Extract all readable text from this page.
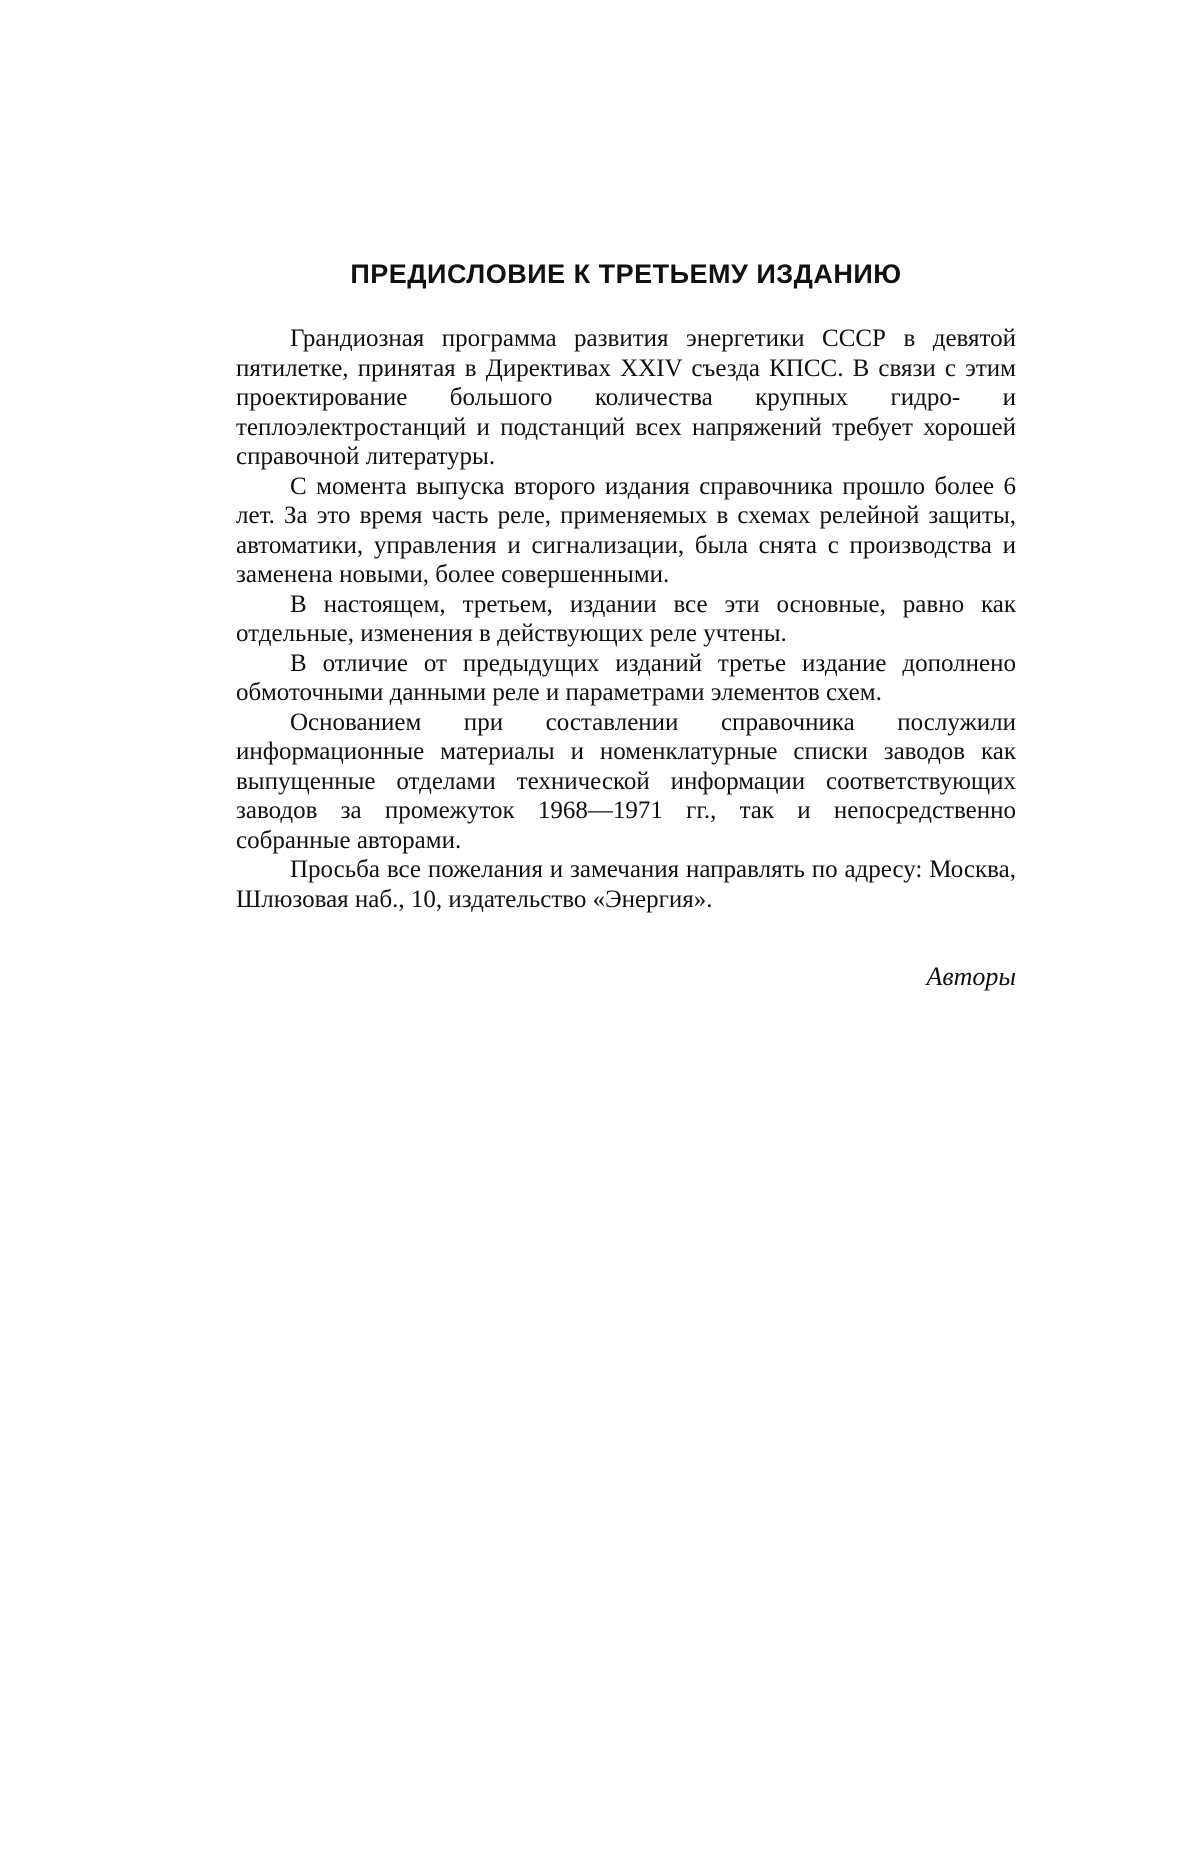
ПРЕДИСЛОВИЕ К ТРЕТЬЕМУ ИЗДАНИЮ

Грандиозная программа развития энергетики СССР в девятой пятилетке, принятая в Директивах XXIV съезда КПСС. В связи с этим проектирование большого количества крупных гидро- и теплоэлектростанций и подстанций всех напряжений требует хорошей справочной литературы.

С момента выпуска второго издания справочника прошло более 6 лет. За это время часть реле, применяемых в схемах релейной защиты, автоматики, управления и сигнализации, была снята с производства и заменена новыми, более совершенными.

В настоящем, третьем, издании все эти основные, равно как отдельные, изменения в действующих реле учтены.

В отличие от предыдущих изданий третье издание дополнено обмоточными данными реле и параметрами элементов схем.

Основанием при составлении справочника послужили информационные материалы и номенклатурные списки заводов как выпущенные отделами технической информации соответствующих заводов за промежуток 1968—1971 гг., так и непосредственно собранные авторами.

Просьба все пожелания и замечания направлять по адресу: Москва, Шлюзовая наб., 10, издательство «Энергия».

Авторы
